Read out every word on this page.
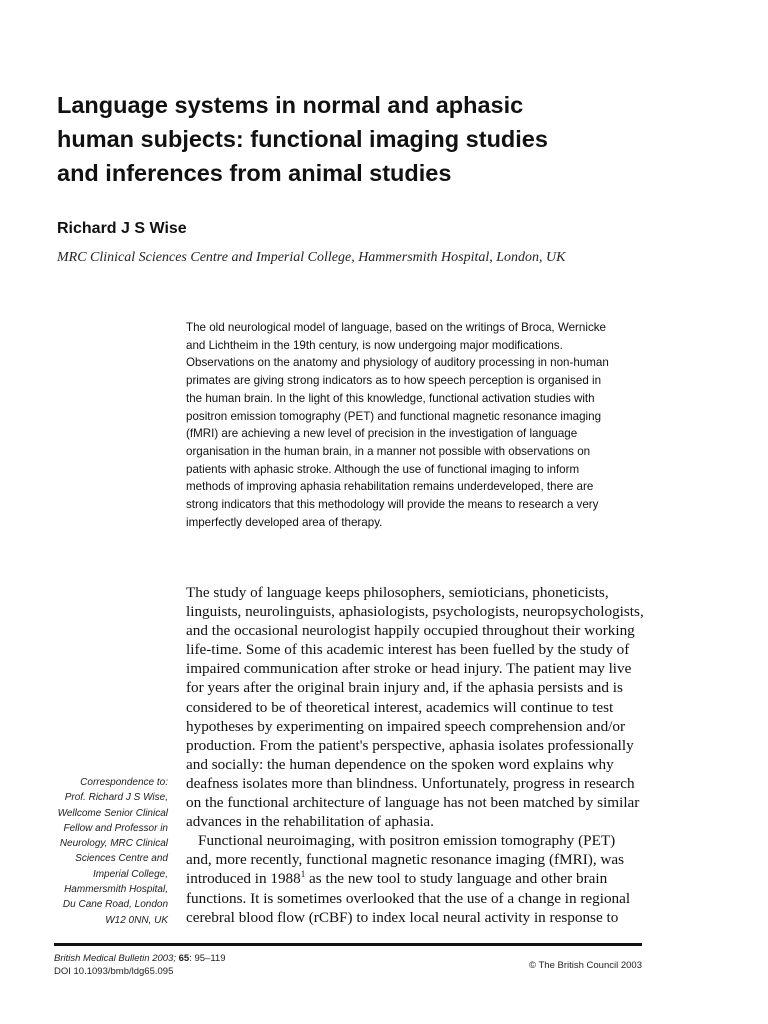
Language systems in normal and aphasic
human subjects: functional imaging studies
and inferences from animal studies
Richard J S Wise
MRC Clinical Sciences Centre and Imperial College, Hammersmith Hospital, London, UK
The old neurological model of language, based on the writings of Broca, Wernicke
and Lichtheim in the 19th century, is now undergoing major modifications.
Observations on the anatomy and physiology of auditory processing in non-human
primates are giving strong indicators as to how speech perception is organised in
the human brain. In the light of this knowledge, functional activation studies with
positron emission tomography (PET) and functional magnetic resonance imaging
(fMRI) are achieving a new level of precision in the investigation of language
organisation in the human brain, in a manner not possible with observations on
patients with aphasic stroke. Although the use of functional imaging to inform
methods of improving aphasia rehabilitation remains underdeveloped, there are
strong indicators that this methodology will provide the means to research a very
imperfectly developed area of therapy.
The study of language keeps philosophers, semioticians, phoneticists,
linguists, neurolinguists, aphasiologists, psychologists, neuropsychologists,
and the occasional neurologist happily occupied throughout their working
life-time. Some of this academic interest has been fuelled by the study of
impaired communication after stroke or head injury. The patient may live
for years after the original brain injury and, if the aphasia persists and is
considered to be of theoretical interest, academics will continue to test
hypotheses by experimenting on impaired speech comprehension and/or
production. From the patient's perspective, aphasia isolates professionally
and socially: the human dependence on the spoken word explains why
deafness isolates more than blindness. Unfortunately, progress in research
on the functional architecture of language has not been matched by similar
advances in the rehabilitation of aphasia.
Functional neuroimaging, with positron emission tomography (PET)
and, more recently, functional magnetic resonance imaging (fMRI), was
introduced in 1988$^1$ as the new tool to study language and other brain
functions. It is sometimes overlooked that the use of a change in regional
cerebral blood flow (rCBF) to index local neural activity in response to
Correspondence to:
Prof. Richard J S Wise,
Wellcome Senior Clinical
Fellow and Professor in
Neurology, MRC Clinical
Sciences Centre and
Imperial College,
Hammersmith Hospital,
Du Cane Road, London
W12 0NN, UK
British Medical Bulletin 2003; 65: 95–119
DOI 10.1093/bmb/ldg65.095	© The British Council 2003
